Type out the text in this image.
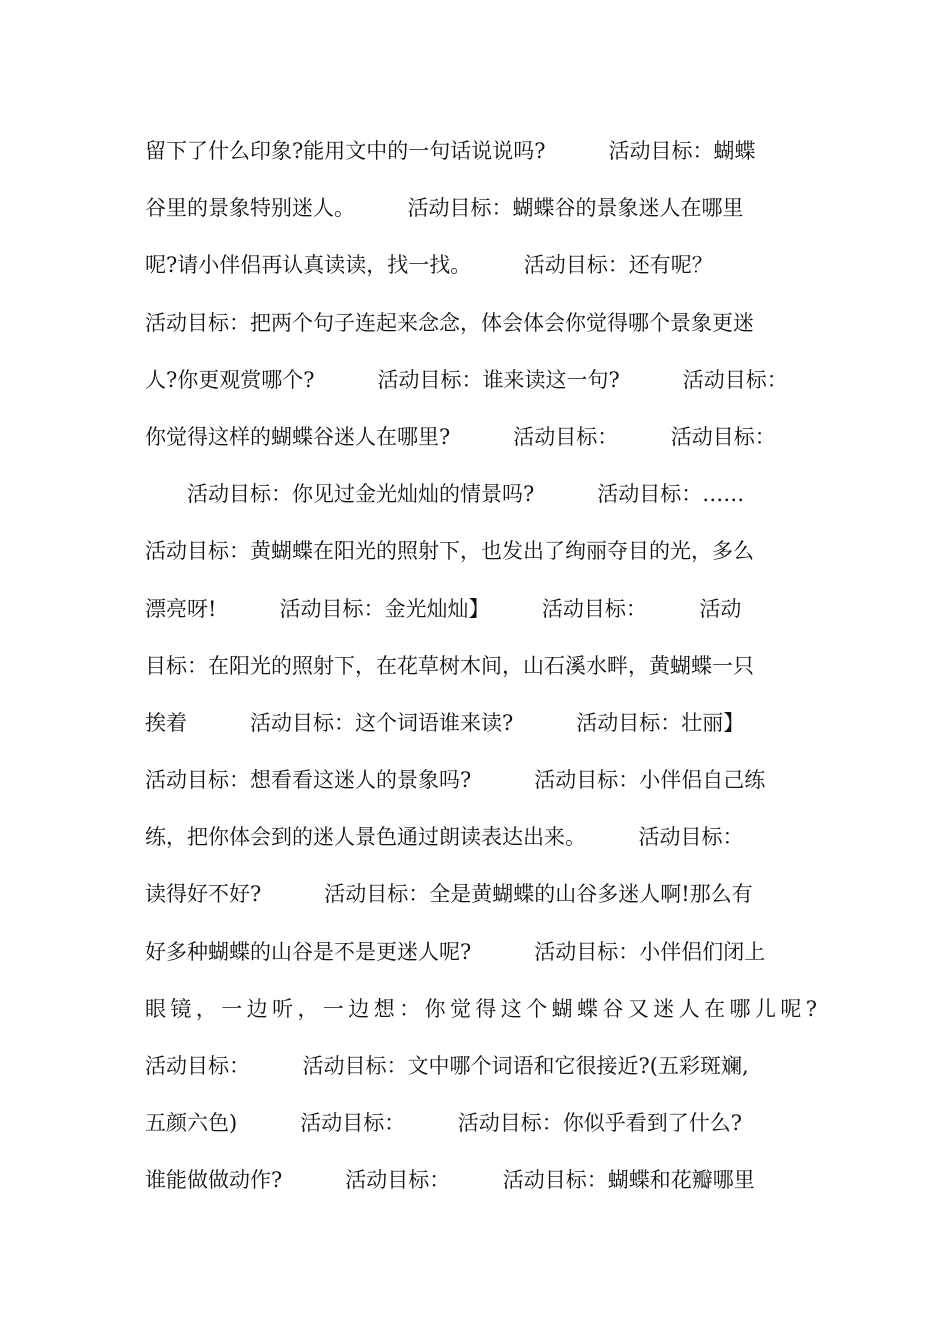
留下了什么印象?能用文中的一句话说说吗?　　　活动目标：蝴蝶
谷里的景象特别迷人。　　　活动目标：蝴蝶谷的景象迷人在哪里
呢?请小伴侣再认真读读，找一找。　　　活动目标：还有呢？
活动目标：把两个句子连起来念念，体会体会你觉得哪个景象更迷
人?你更观赏哪个?　　　活动目标：谁来读这一句?　　　活动目标：
你觉得这样的蝴蝶谷迷人在哪里?　　　活动目标：　　　活动目标：
　　活动目标：你见过金光灿灿的情景吗?　　　活动目标：……
活动目标：黄蝴蝶在阳光的照射下，也发出了绚丽夺目的光，多么
漂亮呀!　　　活动目标：金光灿灿】　　　活动目标：　　　活动
目标：在阳光的照射下，在花草树木间，山石溪水畔，黄蝴蝶一只
挨着　　　活动目标：这个词语谁来读?　　　活动目标：壮丽】
活动目标：想看看这迷人的景象吗?　　　活动目标：小伴侣自己练
练，把你体会到的迷人景色通过朗读表达出来。　　　活动目标：
读得好不好?　　　活动目标：全是黄蝴蝶的山谷多迷人啊!那么有
好多种蝴蝶的山谷是不是更迷人呢?　　　活动目标：小伴侣们闭上
眼镜，一边听，一边想：你觉得这个蝴蝶谷又迷人在哪儿呢?
活动目标：　　　活动目标：文中哪个词语和它很接近?(五彩斑斓,
五颜六色)　　　活动目标：　　　活动目标：你似乎看到了什么?
谁能做做动作?　　　活动目标：　　　活动目标：蝴蝶和花瓣哪里
